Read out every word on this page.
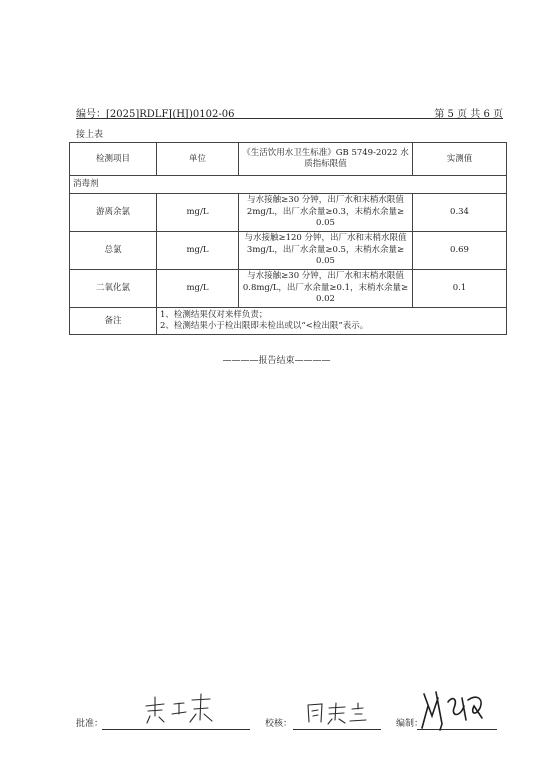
编号：[2025]RDLFJ(HJ)0102-06	第 5 页 共 6 页
接上表
检测项目	单位	《生活饮用水卫生标准》GB 5749-2022 水质指标限值	实测值
消毒剂			
游离余氯	mg/L	与水接触≥30 分钟，出厂水和末梢水限值 2mg/L，出厂水余量≥0.3，末梢水余量≥ 0.05	0.34
总氯	mg/L	与水接触≥120 分钟，出厂水和末梢水限值 3mg/L，出厂水余量≥0.5，末梢水余量≥ 0.05	0.69
二氧化氯	mg/L	与水接触≥30 分钟，出厂水和末梢水限值 0.8mg/L，出厂水余量≥0.1，末梢水余量≥ 0.02	0.1
备注	1、检测结果仅对来样负责；
2、检测结果小于检出限即未检出或以“<检出限”表示。		
————报告结束————
批准：	校核：	编制：
